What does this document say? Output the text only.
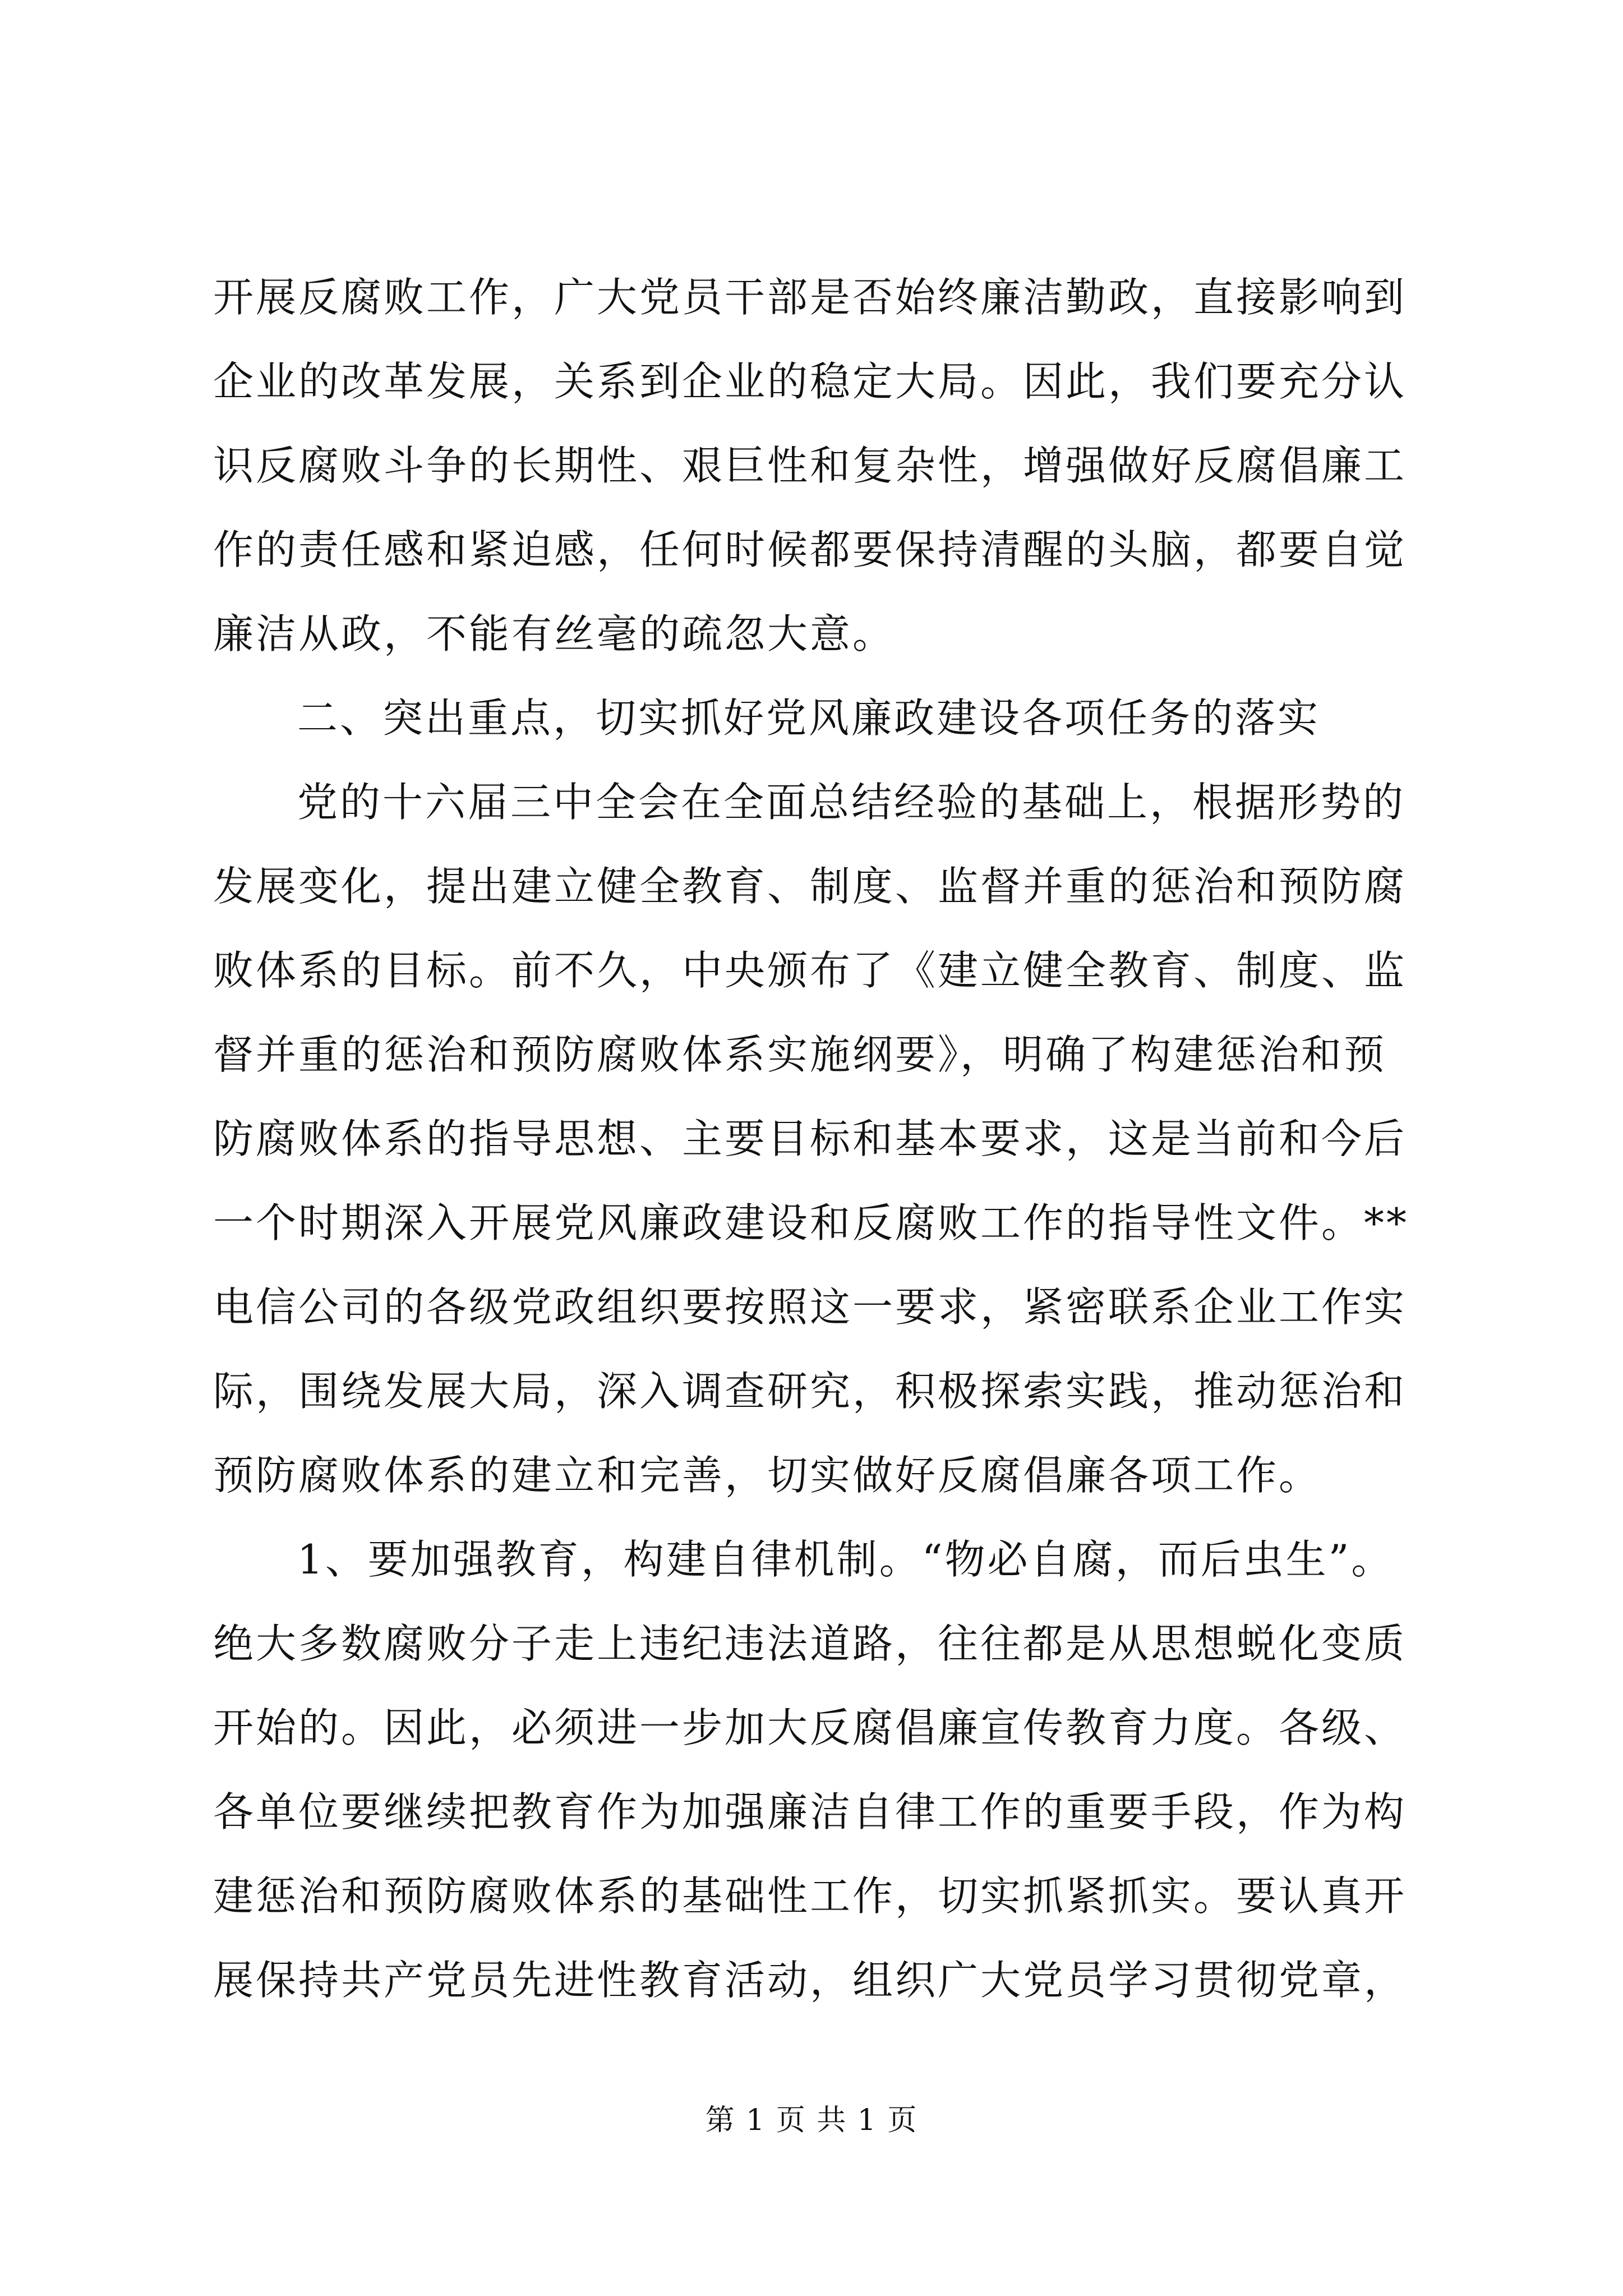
开展反腐败工作，广大党员干部是否始终廉洁勤政，直接影响到
企业的改革发展，关系到企业的稳定大局。因此，我们要充分认
识反腐败斗争的长期性、艰巨性和复杂性，增强做好反腐倡廉工
作的责任感和紧迫感，任何时候都要保持清醒的头脑，都要自觉
廉洁从政，不能有丝毫的疏忽大意。
二、突出重点，切实抓好党风廉政建设各项任务的落实
党的十六届三中全会在全面总结经验的基础上，根据形势的
发展变化，提出建立健全教育、制度、监督并重的惩治和预防腐
败体系的目标。前不久，中央颁布了《建立健全教育、制度、监
督并重的惩治和预防腐败体系实施纲要》，明确了构建惩治和预
防腐败体系的指导思想、主要目标和基本要求，这是当前和今后
一个时期深入开展党风廉政建设和反腐败工作的指导性文件。**
电信公司的各级党政组织要按照这一要求，紧密联系企业工作实
际，围绕发展大局，深入调查研究，积极探索实践，推动惩治和
预防腐败体系的建立和完善，切实做好反腐倡廉各项工作。
1、要加强教育，构建自律机制。“物必自腐，而后虫生”。
绝大多数腐败分子走上违纪违法道路，往往都是从思想蜕化变质
开始的。因此，必须进一步加大反腐倡廉宣传教育力度。各级、
各单位要继续把教育作为加强廉洁自律工作的重要手段，作为构
建惩治和预防腐败体系的基础性工作，切实抓紧抓实。要认真开
展保持共产党员先进性教育活动，组织广大党员学习贯彻党章，
第 1 页 共 1 页
